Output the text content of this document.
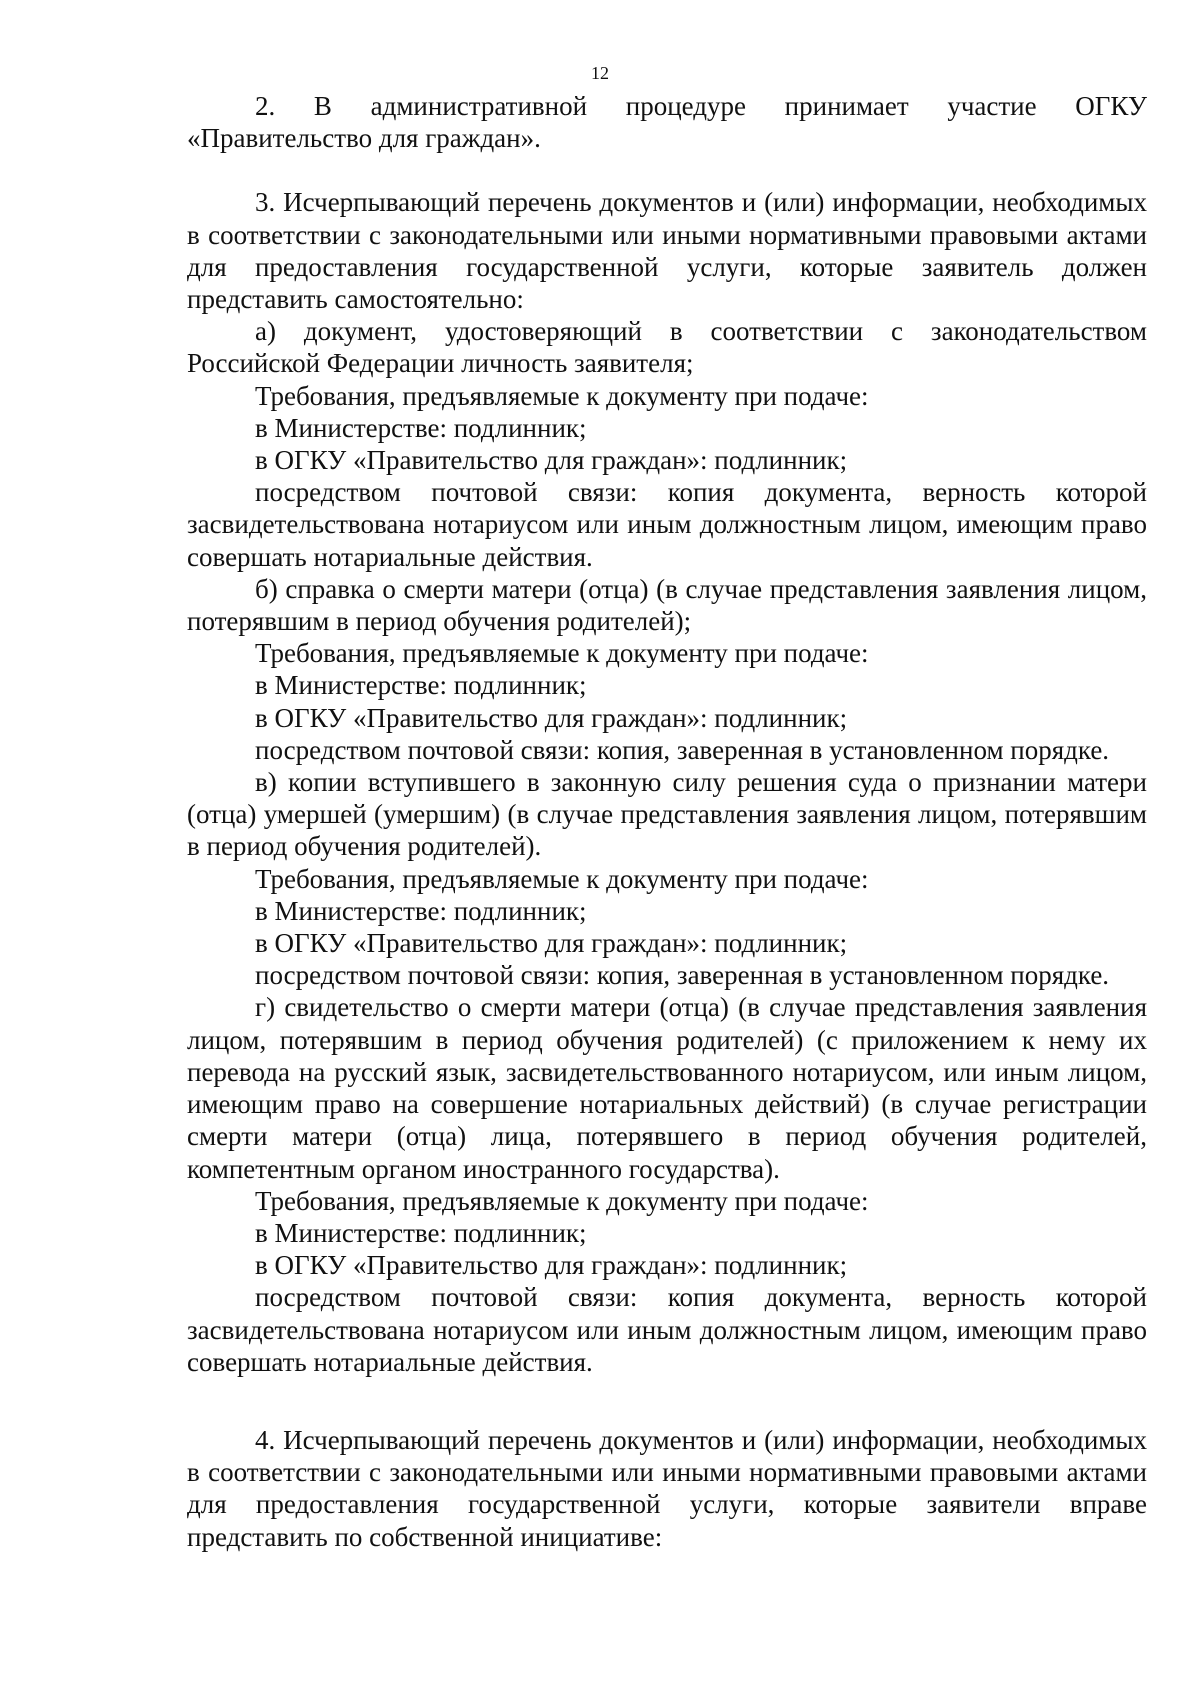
12

2. В административной процедуре принимает участие ОГКУ «Правительство для граждан».

3. Исчерпывающий перечень документов и (или) информации, необходимых в соответствии с законодательными или иными нормативными правовыми актами для предоставления государственной услуги, которые заявитель должен представить самостоятельно:

а) документ, удостоверяющий в соответствии с законодательством Российской Федерации личность заявителя;

Требования, предъявляемые к документу при подаче:

в Министерстве: подлинник;

в ОГКУ «Правительство для граждан»: подлинник;

посредством почтовой связи: копия документа, верность которой засвидетельствована нотариусом или иным должностным лицом, имеющим право совершать нотариальные действия.

б) справка о смерти матери (отца) (в случае представления заявления лицом, потерявшим в период обучения родителей);

Требования, предъявляемые к документу при подаче:

в Министерстве: подлинник;

в ОГКУ «Правительство для граждан»: подлинник;

посредством почтовой связи: копия, заверенная в установленном порядке.

в) копии вступившего в законную силу решения суда о признании матери (отца) умершей (умершим) (в случае представления заявления лицом, потерявшим в период обучения родителей).

Требования, предъявляемые к документу при подаче:

в Министерстве: подлинник;

в ОГКУ «Правительство для граждан»: подлинник;

посредством почтовой связи: копия, заверенная в установленном порядке.

г) свидетельство о смерти матери (отца) (в случае представления заявления лицом, потерявшим в период обучения родителей) (с приложением к нему их перевода на русский язык, засвидетельствованного нотариусом, или иным лицом, имеющим право на совершение нотариальных действий) (в случае регистрации смерти матери (отца) лица, потерявшего в период обучения родителей, компетентным органом иностранного государства).

Требования, предъявляемые к документу при подаче:

в Министерстве: подлинник;

в ОГКУ «Правительство для граждан»: подлинник;

посредством почтовой связи: копия документа, верность которой засвидетельствована нотариусом или иным должностным лицом, имеющим право совершать нотариальные действия.

4. Исчерпывающий перечень документов и (или) информации, необходимых в соответствии с законодательными или иными нормативными правовыми актами для предоставления государственной услуги, которые заявители вправе представить по собственной инициативе:
